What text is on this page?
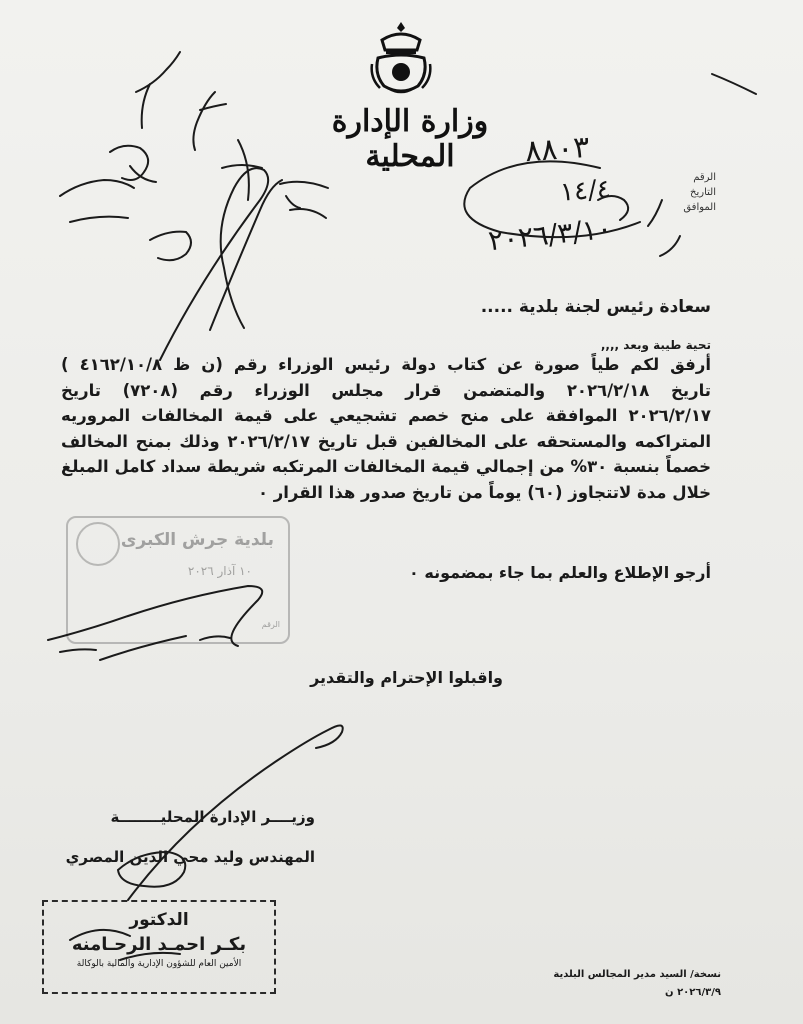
وزارة الإدارة المحلية
الرقم
التاريخ
الموافق
٨٨٠٣
١٤/٤
٢٠٢٦/٣/١٠
سعادة رئيس لجنة بلدية .....
تحية طيبة وبعد ,,,,
أرفق لكم طياً صورة عن كتاب دولة رئيس الوزراء رقم (ن ظ ٤١٦٢/١٠/٨ )
تاريخ ٢٠٢٦/٢/١٨ والمتضمن قرار مجلس الوزراء رقم (٧٢٠٨) تاريخ
٢٠٢٦/٢/١٧ الموافقة على منح خصم تشجيعي على قيمة المخالفات المروريه
المتراكمه والمستحقه على المخالفين قبل تاريخ ٢٠٢٦/٢/١٧ وذلك بمنح المخالف
خصماً بنسبة ٣٠% من إجمالي قيمة المخالفات المرتكبه شريطة سداد كامل المبلغ
خلال مدة لاتتجاوز (٦٠) يوماً من تاريخ صدور هذا القرار ٠
أرجو الإطلاع والعلم بما جاء بمضمونه ٠
واقبلوا الإحترام والتقدير
بلدية جرش الكبرى
١٠ آذار ٢٠٢٦
الرقم
وزيــــر الإدارة المحليــــــــة
المهندس وليد محي الدين المصري
الدكتور
بكـر احمـد الرحـامنه
الأمين العام للشؤون الإدارية والمالية بالوكالة
نسخة/ السيد مدير المجالس البلدية
٢٠٢٦/٣/٩ ن
